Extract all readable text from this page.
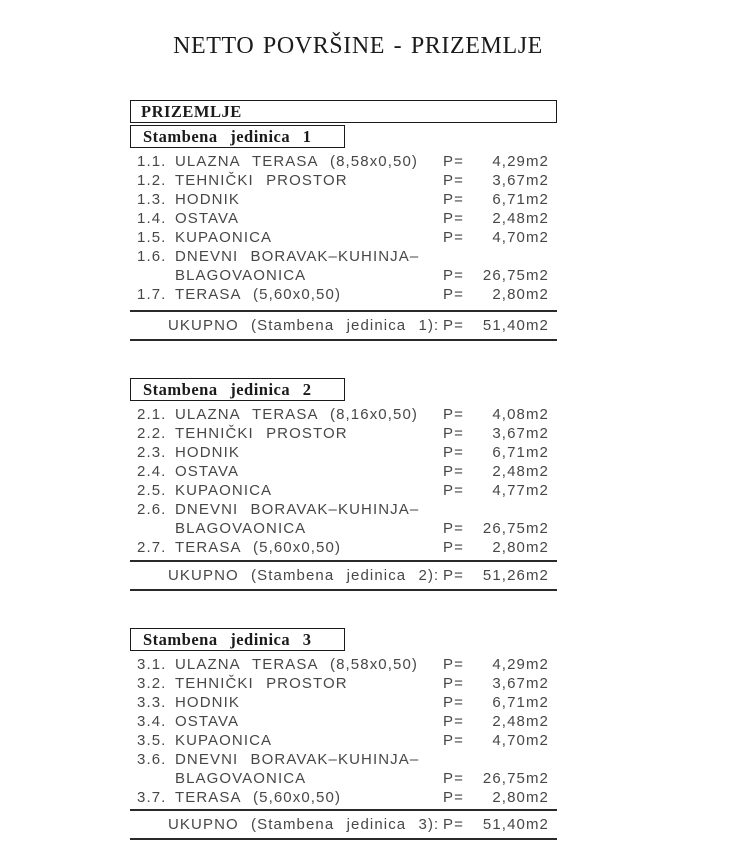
NETTO POVRŠINE - PRIZEMLJE
PRIZEMLJE
Stambena jedinica 1
1.1. ULAZNA TERASA (8,58x0,50) P= 4,29m2
1.2. TEHNIČKI PROSTOR	P= 3,67m2
1.3. HODNIK	P= 6,71m2
1.4. OSTAVA	P= 2,48m2
1.5. KUPAONICA	P= 4,70m2
1.6. DNEVNI BORAVAK–KUHINJA–
BLAGOVAONICA	P= 26,75m2
1.7. TERASA (5,60x0,50)	P= 2,80m2
UKUPNO (Stambena jedinica 1): P= 51,40m2
Stambena jedinica 2
2.1. ULAZNA TERASA (8,16x0,50) P= 4,08m2
2.2. TEHNIČKI PROSTOR	P= 3,67m2
2.3. HODNIK	P= 6,71m2
2.4. OSTAVA	P= 2,48m2
2.5. KUPAONICA	P= 4,77m2
2.6. DNEVNI BORAVAK–KUHINJA–
BLAGOVAONICA	P= 26,75m2
2.7. TERASA (5,60x0,50)	P= 2,80m2
UKUPNO (Stambena jedinica 2): P= 51,26m2
Stambena jedinica 3
3.1. ULAZNA TERASA (8,58x0,50) P= 4,29m2
3.2. TEHNIČKI PROSTOR	P= 3,67m2
3.3. HODNIK	P= 6,71m2
3.4. OSTAVA	P= 2,48m2
3.5. KUPAONICA	P= 4,70m2
3.6. DNEVNI BORAVAK–KUHINJA–
BLAGOVAONICA	P= 26,75m2
3.7. TERASA (5,60x0,50)	P= 2,80m2
UKUPNO (Stambena jedinica 3): P= 51,40m2
